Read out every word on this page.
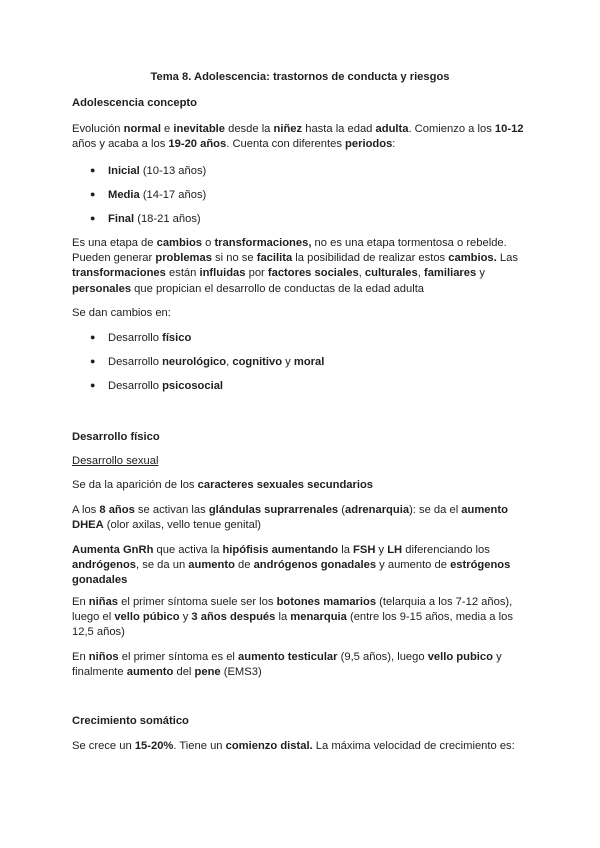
Tema 8. Adolescencia: trastornos de conducta y riesgos

Adolescencia concepto

Evolución normal e inevitable desde la niñez hasta la edad adulta. Comienzo a los 10-12 años y acaba a los 19-20 años. Cuenta con diferentes periodos:

● Inicial (10-13 años)

● Media (14-17 años)

● Final (18-21 años)

Es una etapa de cambios o transformaciones, no es una etapa tormentosa o rebelde. Pueden generar problemas si no se facilita la posibilidad de realizar estos cambios. Las transformaciones están influidas por factores sociales, culturales, familiares y personales que propician el desarrollo de conductas de la edad adulta

Se dan cambios en:

● Desarrollo físico

● Desarrollo neurológico, cognitivo y moral

● Desarrollo psicosocial

Desarrollo físico

Desarrollo sexual

Se da la aparición de los caracteres sexuales secundarios

A los 8 años se activan las glándulas suprarrenales (adrenarquia): se da el aumento DHEA (olor axilas, vello tenue genital)

Aumenta GnRh que activa la hipófisis aumentando la FSH y LH diferenciando los andrógenos, se da un aumento de andrógenos gonadales y aumento de estrógenos gonadales

En niñas el primer síntoma suele ser los botones mamarios (telarquia a los 7-12 años), luego el vello púbico y 3 años después la menarquia (entre los 9-15 años, media a los 12,5 años)

En niños el primer síntoma es el aumento testicular (9,5 años), luego vello pubico y finalmente aumento del pene (EMS3)

Crecimiento somático

Se crece un 15-20%. Tiene un comienzo distal. La máxima velocidad de crecimiento es:
